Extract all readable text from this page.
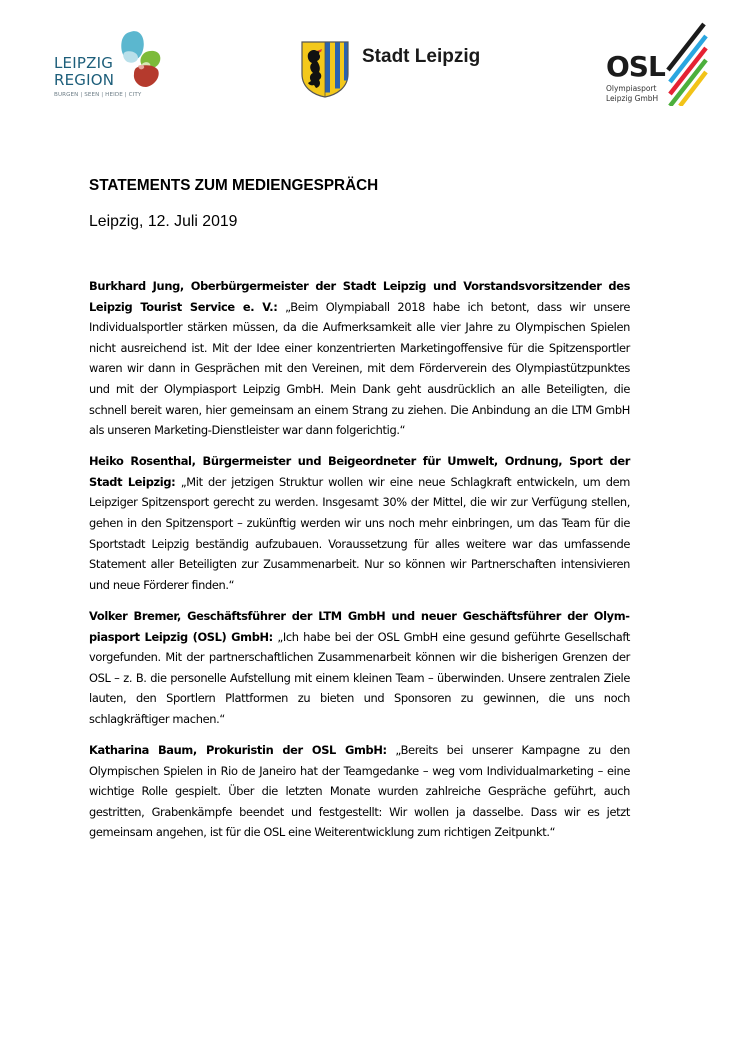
LEIPZIG
REGION
BURGEN | SEEN | HEIDE | CITY
Stadt Leipzig	OSL
Olympiasport
Leipzig GmbH
STATEMENTS ZUM MEDIENGESPRÄCH
Leipzig, 12. Juli 2019

Burkhard Jung, Oberbürgermeister der Stadt Leipzig und Vorstandsvorsitzender des Leipzig Tourist Service e. V.: „Beim Olympiaball 2018 habe ich betont, dass wir unsere Individualsportler stärken müssen, da die Aufmerksamkeit alle vier Jahre zu Olympischen Spielen nicht ausreichend ist. Mit der Idee einer konzentrierten Marketingoffensive für die Spitzensportler waren wir dann in Gesprächen mit den Vereinen, mit dem Förderverein des Olympiastützpunktes und mit der Olympiasport Leipzig GmbH. Mein Dank geht ausdrücklich an alle Beteiligten, die schnell bereit waren, hier gemeinsam an einem Strang zu ziehen. Die Anbindung an die LTM GmbH als unseren Marketing-Dienstleister war dann folgerichtig.“

Heiko Rosenthal, Bürgermeister und Beigeordneter für Umwelt, Ordnung, Sport der Stadt Leipzig: „Mit der jetzigen Struktur wollen wir eine neue Schlagkraft entwickeln, um dem Leipziger Spitzensport gerecht zu werden. Insgesamt 30% der Mittel, die wir zur Verfügung stellen, gehen in den Spitzensport – zukünftig werden wir uns noch mehr einbringen, um das Team für die Sportstadt Leipzig beständig aufzubauen. Voraussetzung für alles weitere war das umfassende Statement aller Beteiligten zur Zusammenarbeit. Nur so können wir Partnerschaften intensivieren und neue Förderer finden.“

Volker Bremer, Geschäftsführer der LTM GmbH und neuer Geschäftsführer der Olympiasport Leipzig (OSL) GmbH: „Ich habe bei der OSL GmbH eine gesund geführte Gesellschaft vorgefunden. Mit der partnerschaftlichen Zusammenarbeit können wir die bisherigen Grenzen der OSL – z. B. die personelle Aufstellung mit einem kleinen Team – überwinden. Unsere zentralen Ziele lauten, den Sportlern Plattformen zu bieten und Sponsoren zu gewinnen, die uns noch schlagkräftiger machen.“

Katharina Baum, Prokuristin der OSL GmbH: „Bereits bei unserer Kampagne zu den Olympischen Spielen in Rio de Janeiro hat der Teamgedanke – weg vom Individualmarketing – eine wichtige Rolle gespielt. Über die letzten Monate wurden zahlreiche Gespräche geführt, auch gestritten, Grabenkämpfe beendet und festgestellt: Wir wollen ja dasselbe. Dass wir es jetzt gemeinsam angehen, ist für die OSL eine Weiterentwicklung zum richtigen Zeitpunkt.“
